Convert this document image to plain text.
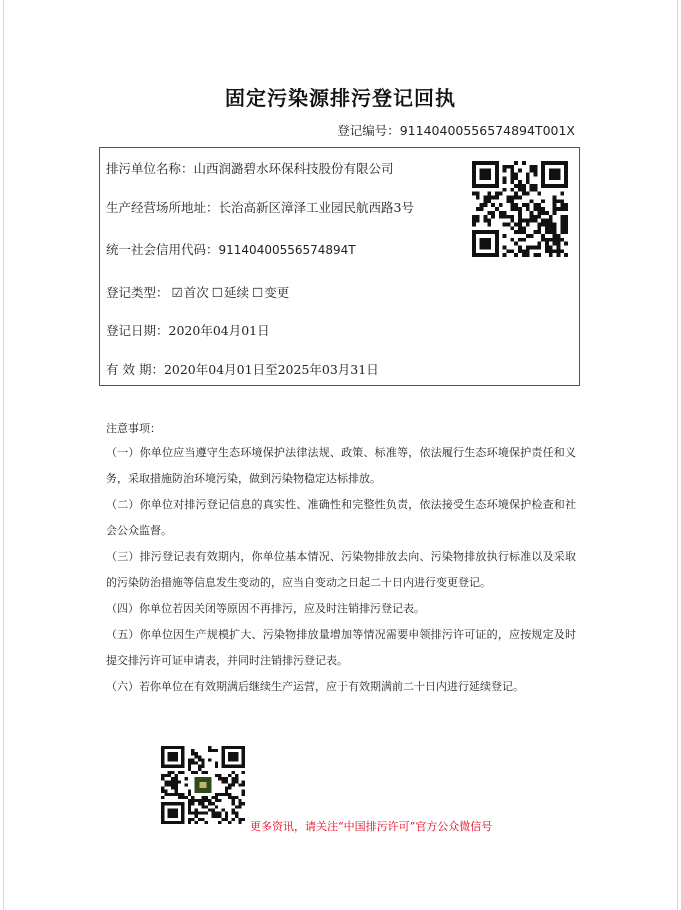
固定污染源排污登记回执
登记编号：91140400556574894T001X
排污单位名称：山西润潞碧水环保科技股份有限公司
生产经营场所地址：长治高新区漳泽工业园民航西路3号
统一社会信用代码：91140400556574894T
登记类型： ☑首次 ☐延续 ☐变更
登记日期：2020年04月01日
有 效 期：2020年04月01日至2025年03月31日
注意事项：
（一）你单位应当遵守生态环境保护法律法规、政策、标准等，依法履行生态环境保护责任和义务，采取措施防治环境污染，做到污染物稳定达标排放。
（二）你单位对排污登记信息的真实性、准确性和完整性负责，依法接受生态环境保护检查和社会公众监督。
（三）排污登记表有效期内，你单位基本情况、污染物排放去向、污染物排放执行标准以及采取的污染防治措施等信息发生变动的，应当自变动之日起二十日内进行变更登记。
（四）你单位若因关闭等原因不再排污，应及时注销排污登记表。
（五）你单位因生产规模扩大、污染物排放量增加等情况需要申领排污许可证的，应按规定及时提交排污许可证申请表，并同时注销排污登记表。
（六）若你单位在有效期满后继续生产运营，应于有效期满前二十日内进行延续登记。
更多资讯，请关注“中国排污许可”官方公众微信号
